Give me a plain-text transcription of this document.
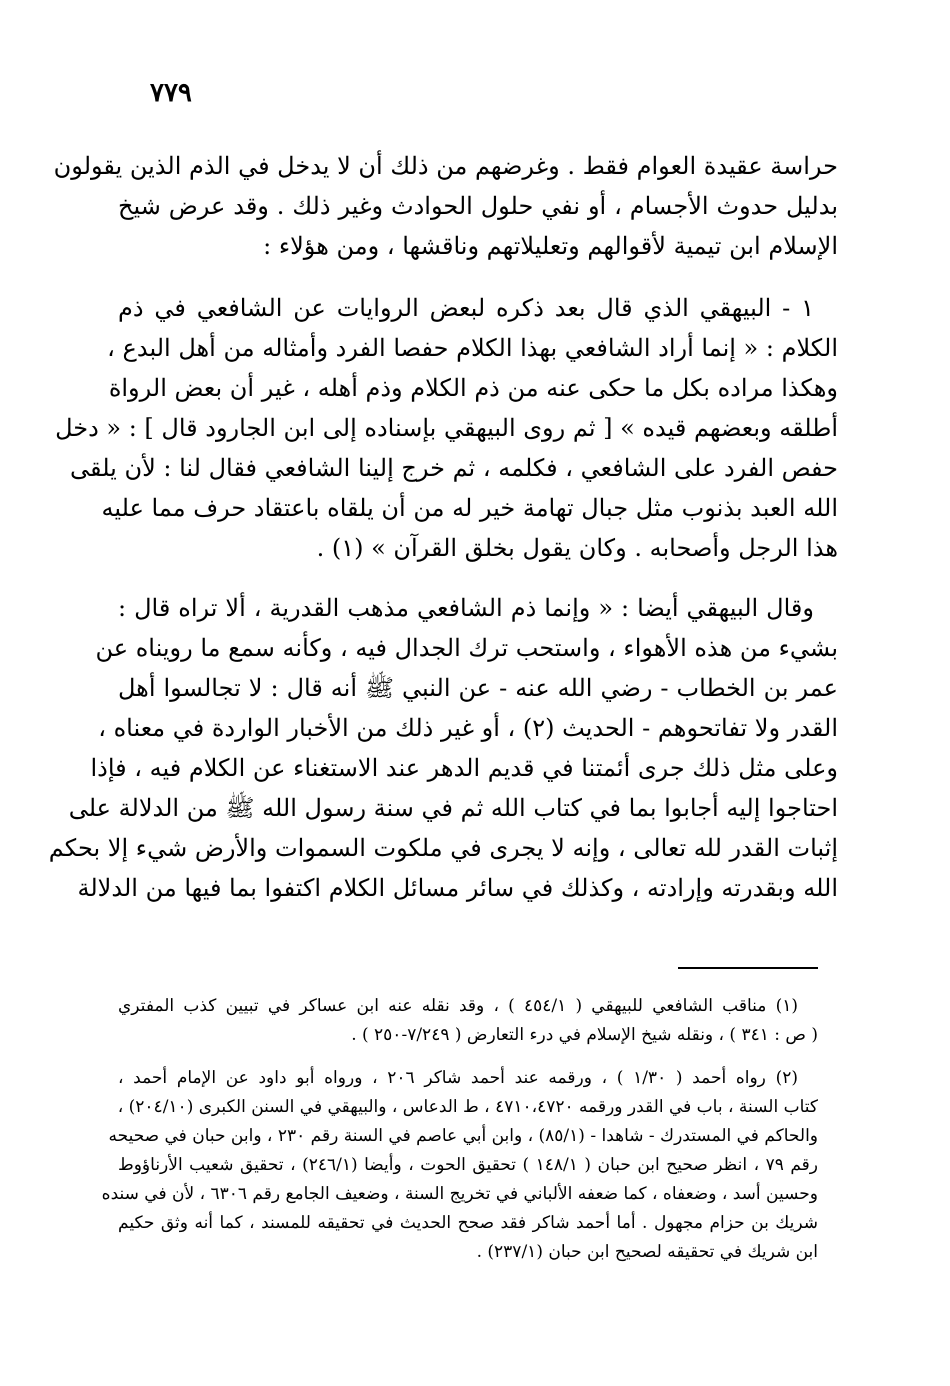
٧٧٩

حراسة عقيدة العوام فقط . وغرضهم من ذلك أن لا يدخل في الذم الذين يقولون
بدليل حدوث الأجسام ، أو نفي حلول الحوادث وغير ذلك . وقد عرض شيخ
الإسلام ابن تيمية لأقوالهم وتعليلاتهم وناقشها ، ومن هؤلاء :

١ - البيهقي الذي قال بعد ذكره لبعض الروايات عن الشافعي في ذم
الكلام : « إنما أراد الشافعي بهذا الكلام حفصا الفرد وأمثاله من أهل البدع ،
وهكذا مراده بكل ما حكى عنه من ذم الكلام وذم أهله ، غير أن بعض الرواة
أطلقه وبعضهم قيده » [ ثم روى البيهقي بإسناده إلى ابن الجارود قال ] : « دخل
حفص الفرد على الشافعي ، فكلمه ، ثم خرج إلينا الشافعي فقال لنا : لأن يلقى
الله العبد بذنوب مثل جبال تهامة خير له من أن يلقاه باعتقاد حرف مما عليه
هذا الرجل وأصحابه . وكان يقول بخلق القرآن » (١) .

وقال البيهقي أيضا : « وإنما ذم الشافعي مذهب القدرية ، ألا تراه قال :
بشيء من هذه الأهواء ، واستحب ترك الجدال فيه ، وكأنه سمع ما رويناه عن
عمر بن الخطاب - رضي الله عنه - عن النبي ﷺ أنه قال : لا تجالسوا أهل
القدر ولا تفاتحوهم - الحديث (٢) ، أو غير ذلك من الأخبار الواردة في معناه ،
وعلى مثل ذلك جرى أئمتنا في قديم الدهر عند الاستغناء عن الكلام فيه ، فإذا
احتاجوا إليه أجابوا بما في كتاب الله ثم في سنة رسول الله ﷺ من الدلالة على
إثبات القدر لله تعالى ، وإنه لا يجرى في ملكوت السموات والأرض شيء إلا بحكم
الله وبقدرته وإرادته ، وكذلك في سائر مسائل الكلام اكتفوا بما فيها من الدلالة

(١) مناقب الشافعي للبيهقي ( ٤٥٤/١ ) ، وقد نقله عنه ابن عساكر في تبيين كذب المفتري
( ص : ٣٤١ ) ، ونقله شيخ الإسلام في درء التعارض ( ٧/٢٤٩-٢٥٠ ) .
(٢) رواه أحمد ( ١/٣٠ ) ، ورقمه عند أحمد شاكر ٢٠٦ ، ورواه أبو داود عن الإمام أحمد ،
كتاب السنة ، باب في القدر ورقمه ٤٧١٠،٤٧٢٠ ، ط الدعاس ، والبيهقي في السنن الكبرى (٢٠٤/١٠) ،
والحاكم في المستدرك - شاهدا - (٨٥/١) ، وابن أبي عاصم في السنة رقم ٢٣٠ ، وابن حبان في صحيحه
رقم ٧٩ ، انظر صحيح ابن حبان ( ١٤٨/١ ) تحقيق الحوت ، وأيضا (٢٤٦/١) ، تحقيق شعيب الأرناؤوط
وحسين أسد ، وضعفاه ، كما ضعفه الألباني في تخريج السنة ، وضعيف الجامع رقم ٦٣٠٦ ، لأن في سنده
شريك بن حزام مجهول . أما أحمد شاكر فقد صحح الحديث في تحقيقه للمسند ، كما أنه وثق حكيم
ابن شريك في تحقيقه لصحيح ابن حبان (٢٣٧/١) .
